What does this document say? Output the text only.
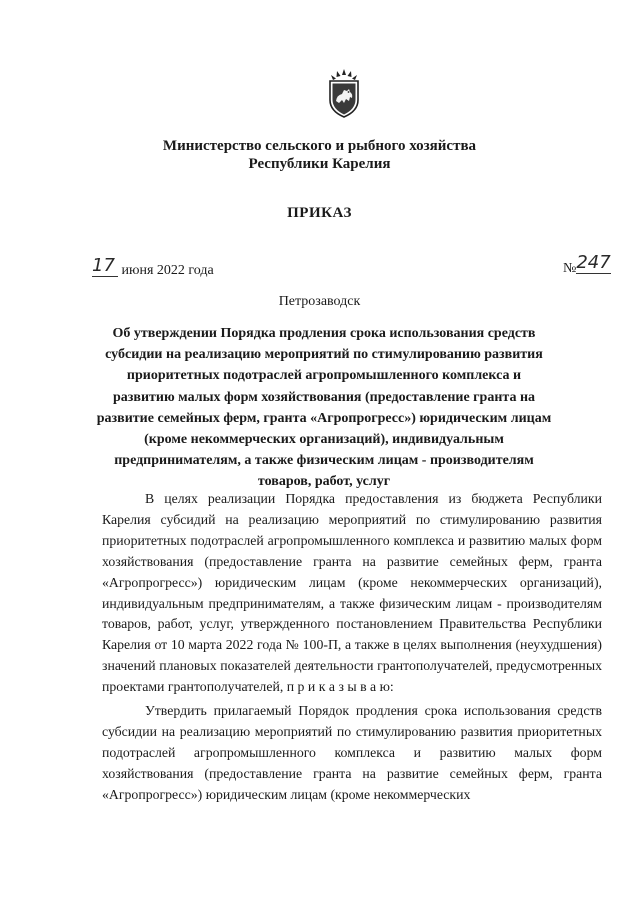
Министерство сельского и рыбного хозяйства
Республики Карелия
ПРИКАЗ
17 июня 2022 года	№247
Петрозаводск
Об утверждении Порядка продления срока использования средств субсидии на реализацию мероприятий по стимулированию развития приоритетных подотраслей агропромышленного комплекса и развитию малых форм хозяйствования (предоставление гранта на развитие семейных ферм, гранта «Агропрогресс») юридическим лицам (кроме некоммерческих организаций), индивидуальным предпринимателям, а также физическим лицам - производителям товаров, работ, услуг

В целях реализации Порядка предоставления из бюджета Республики Карелия субсидий на реализацию мероприятий по стимулированию развития приоритетных подотраслей агропромышленного комплекса и развитию малых форм хозяйствования (предоставление гранта на развитие семейных ферм, гранта «Агропрогресс») юридическим лицам (кроме некоммерческих организаций), индивидуальным предпринимателям, а также физическим лицам - производителям товаров, работ, услуг, утвержденного постановлением Правительства Республики Карелия от 10 марта 2022 года № 100-П, а также в целях выполнения (неухудшения) значений плановых показателей деятельности грантополучателей, предусмотренных проектами грантополучателей, п р и к а з ы в а ю:

Утвердить прилагаемый Порядок продления срока использования средств субсидии на реализацию мероприятий по стимулированию развития приоритетных подотраслей агропромышленного комплекса и развитию малых форм хозяйствования (предоставление гранта на развитие семейных ферм, гранта «Агропрогресс») юридическим лицам (кроме некоммерческих
